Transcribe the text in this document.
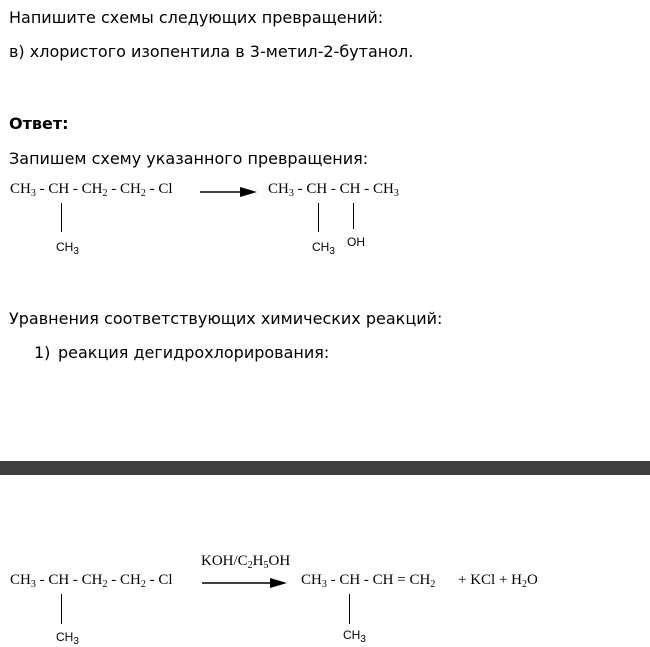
Напишите схемы следующих превращений:
в) хлористого изопентила в 3-метил-2-бутанол.
Ответ:
Запишем схему указанного превращения:
$CH_3$ - CH - $CH_2 - CH_2$ - Cl
$CH_3$
$CH_3$ - CH - CH - $CH_3$
$CH_3$
OH
Уравнения соответствующих химических реакций:
1) реакция дегидрохлорирования:
KOH/$C_2H_5OH$
$CH_3$ - CH - $CH_2 - CH_2$ - Cl
$CH_3$
$CH_3$ - CH - CH = $CH_2$ + KCl + $H_2O$
$CH_3$
